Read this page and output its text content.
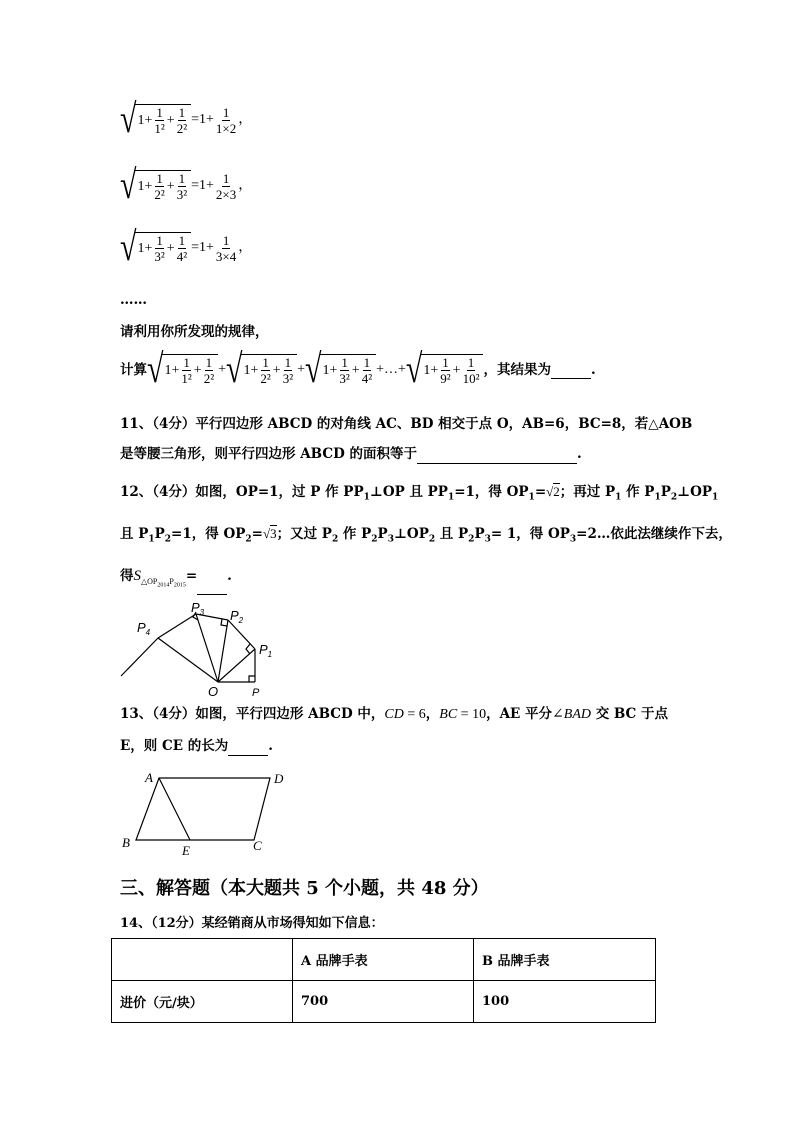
√ $1 + \frac{1}{\text{1²}} + \frac{1}{\text{2²}} =1+ \frac{1}{1\times 2}$ ，
√ $1 + \frac{1}{\text{2²}} + \frac{1}{\text{3²}} =1+ \frac{1}{2\times 3}$ ，
√ $1 + \frac{1}{\text{3²}} + \frac{1}{\text{4²}} =1+ \frac{1}{3\times 4}$ ，
……
请利用你所发现的规律，
计算 √ $1 + \frac{1}{\text{1²}} + \frac{1}{\text{2²}}$ + √ $1 + \frac{1}{\text{2²}} + \frac{1}{\text{3²}}$ + √ $1 + \frac{1}{\text{3²}} + \frac{1}{\text{4²}}$ +…+ √ $1 + \frac{1}{\text{9²}} + \frac{1}{\text{10²}}$ ，其结果为	.
11、（4分）平行四边形 ABCD 的对角线 AC、BD 相交于点 O，AB=6，BC=8，若△AOB
是等腰三角形，则平行四边形 ABCD 的面积等于	.
12、（4分）如图，OP=1，过 P 作 $PP_1\perp OP$ 且 $PP_1=1$，得 $OP_1=√2$；再过 $P_1$ 作 $P_1P_2\perp OP_1$
且 $P_1P_2=1$，得 $OP_2=√3$；又过 $P_2$ 作 $P_2P_3\perp OP_2$ 且 $P_2P_3= 1$，得 $OP_3=2\dots$依此法继续作下去，
得$S_{\triangle OP_{2014}P_{2015}}=$ .
$P_4$
$P_3$ $P_2$
$P_1$
O	P
13、（4分）如图，平行四边形 ABCD 中，CD = 6，BC = 10，AE 平分∠BAD 交 BC 于点
E，则 CE 的长为	.
A	D
B
E	C
三、解答题（本大题共 5 个小题，共 48 分）
14、（12分）某经销商从市场得知如下信息：
	A 品牌手表	B 品牌手表
进价（元/块）	700	100
